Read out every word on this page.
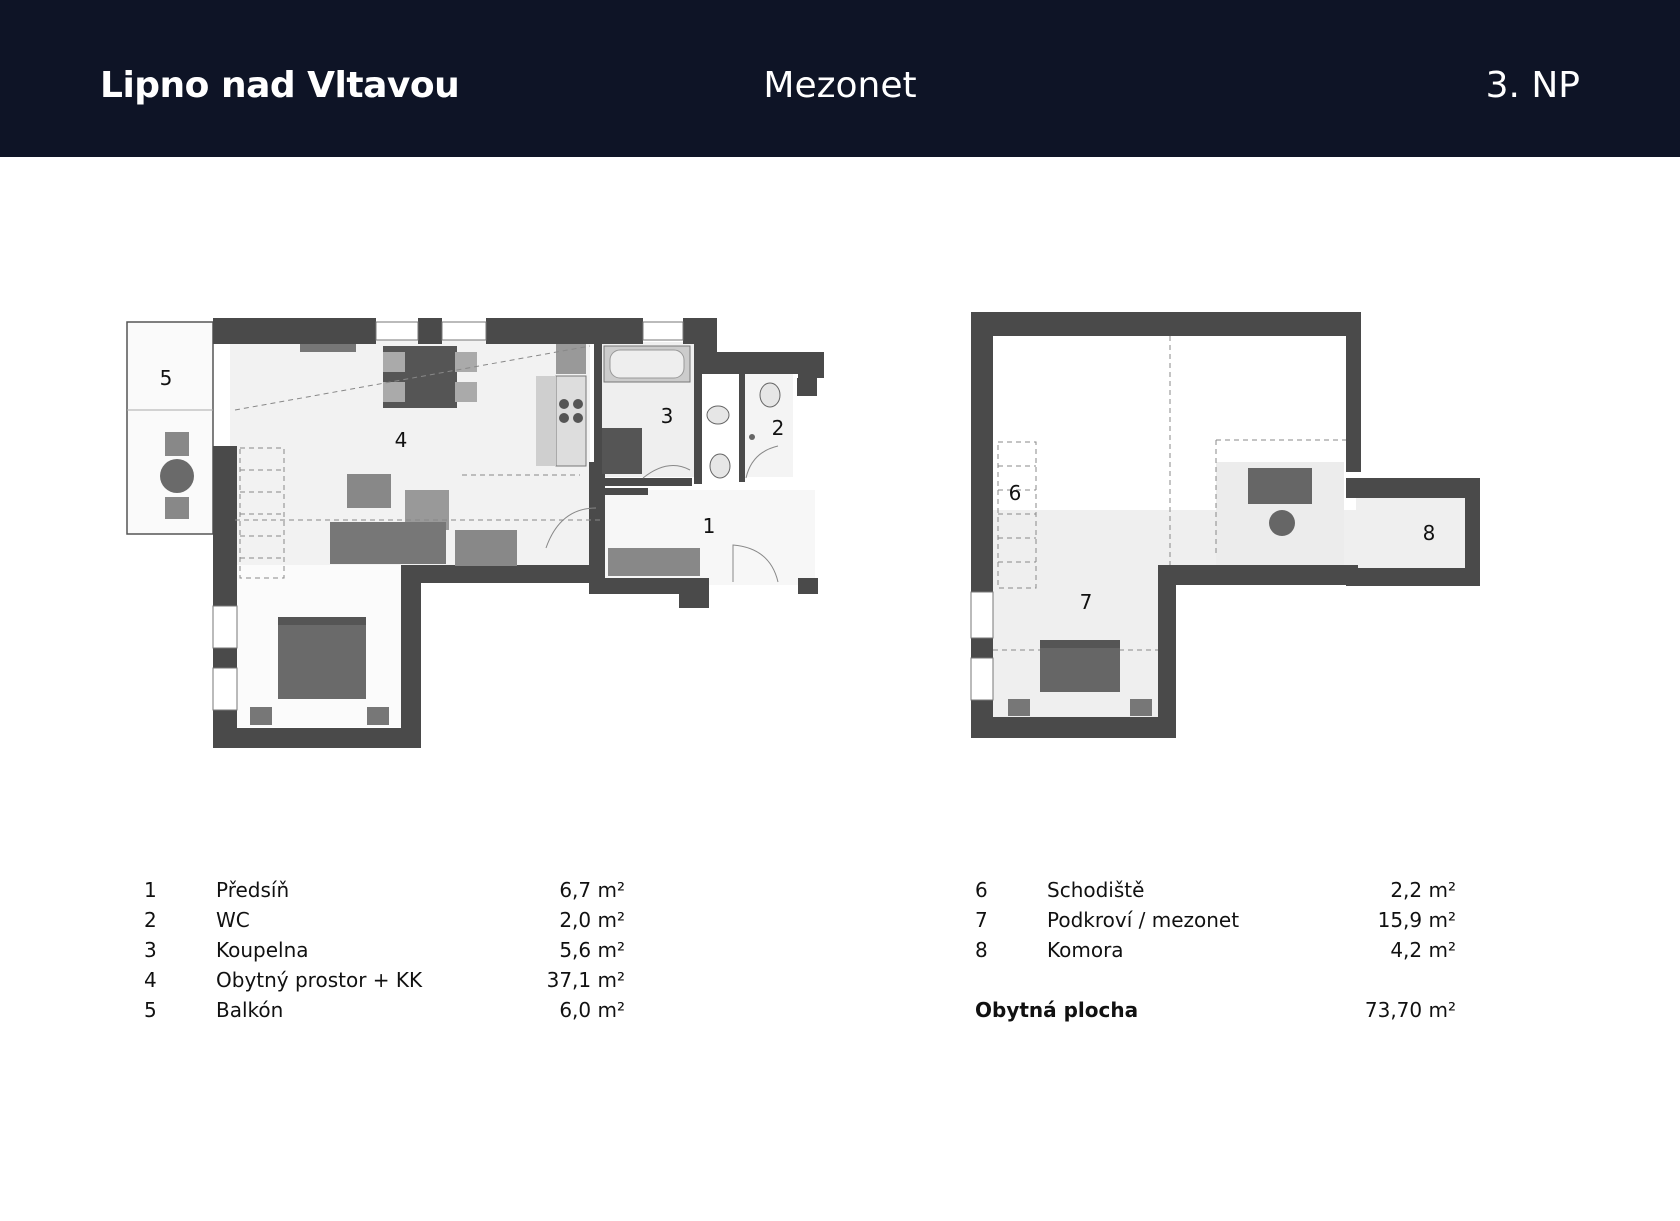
Lipno nad Vltavou	Mezonet	3. NP
1
2
3
4
5
6
7
8
1	Předsíň	6,7 m²
2	WC	2,0 m²
3	Koupelna	5,6 m²
4	Obytný prostor + KK	37,1 m²
5	Balkón	6,0 m²
6	Schodiště	2,2 m²
7	Podkroví / mezonet	15,9 m²
8	Komora	4,2 m²
Obytná plocha	73,70 m²
